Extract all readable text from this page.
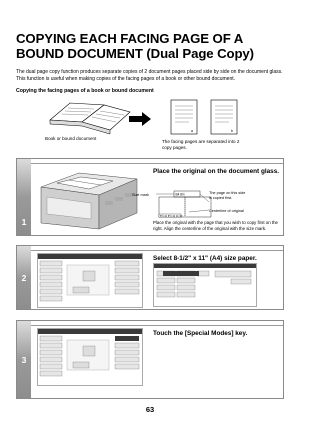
COPYING EACH FACING PAGE OF A BOUND DOCUMENT (Dual Page Copy)
The dual page copy function produces separate copies of 2 document pages placed side by side on the document glass. This function is useful when making copies of the facing pages of a book or other bound document.
Copying the facing pages of a book or bound document
Book or bound document
a	b
The facing pages are separated into 2 copy pages.
1
Place the original on the document glass.
B4 8½
8½×11 8½×14 11×17
Size mark	The page on this side is copied first.
Centerline of original
Place the original with the page that you wish to copy first on the right. Align the centerline of the original with the size mark.
2
Select 8-1/2" x 11" (A4) size paper.
3
Touch the [Special Modes] key.
63
